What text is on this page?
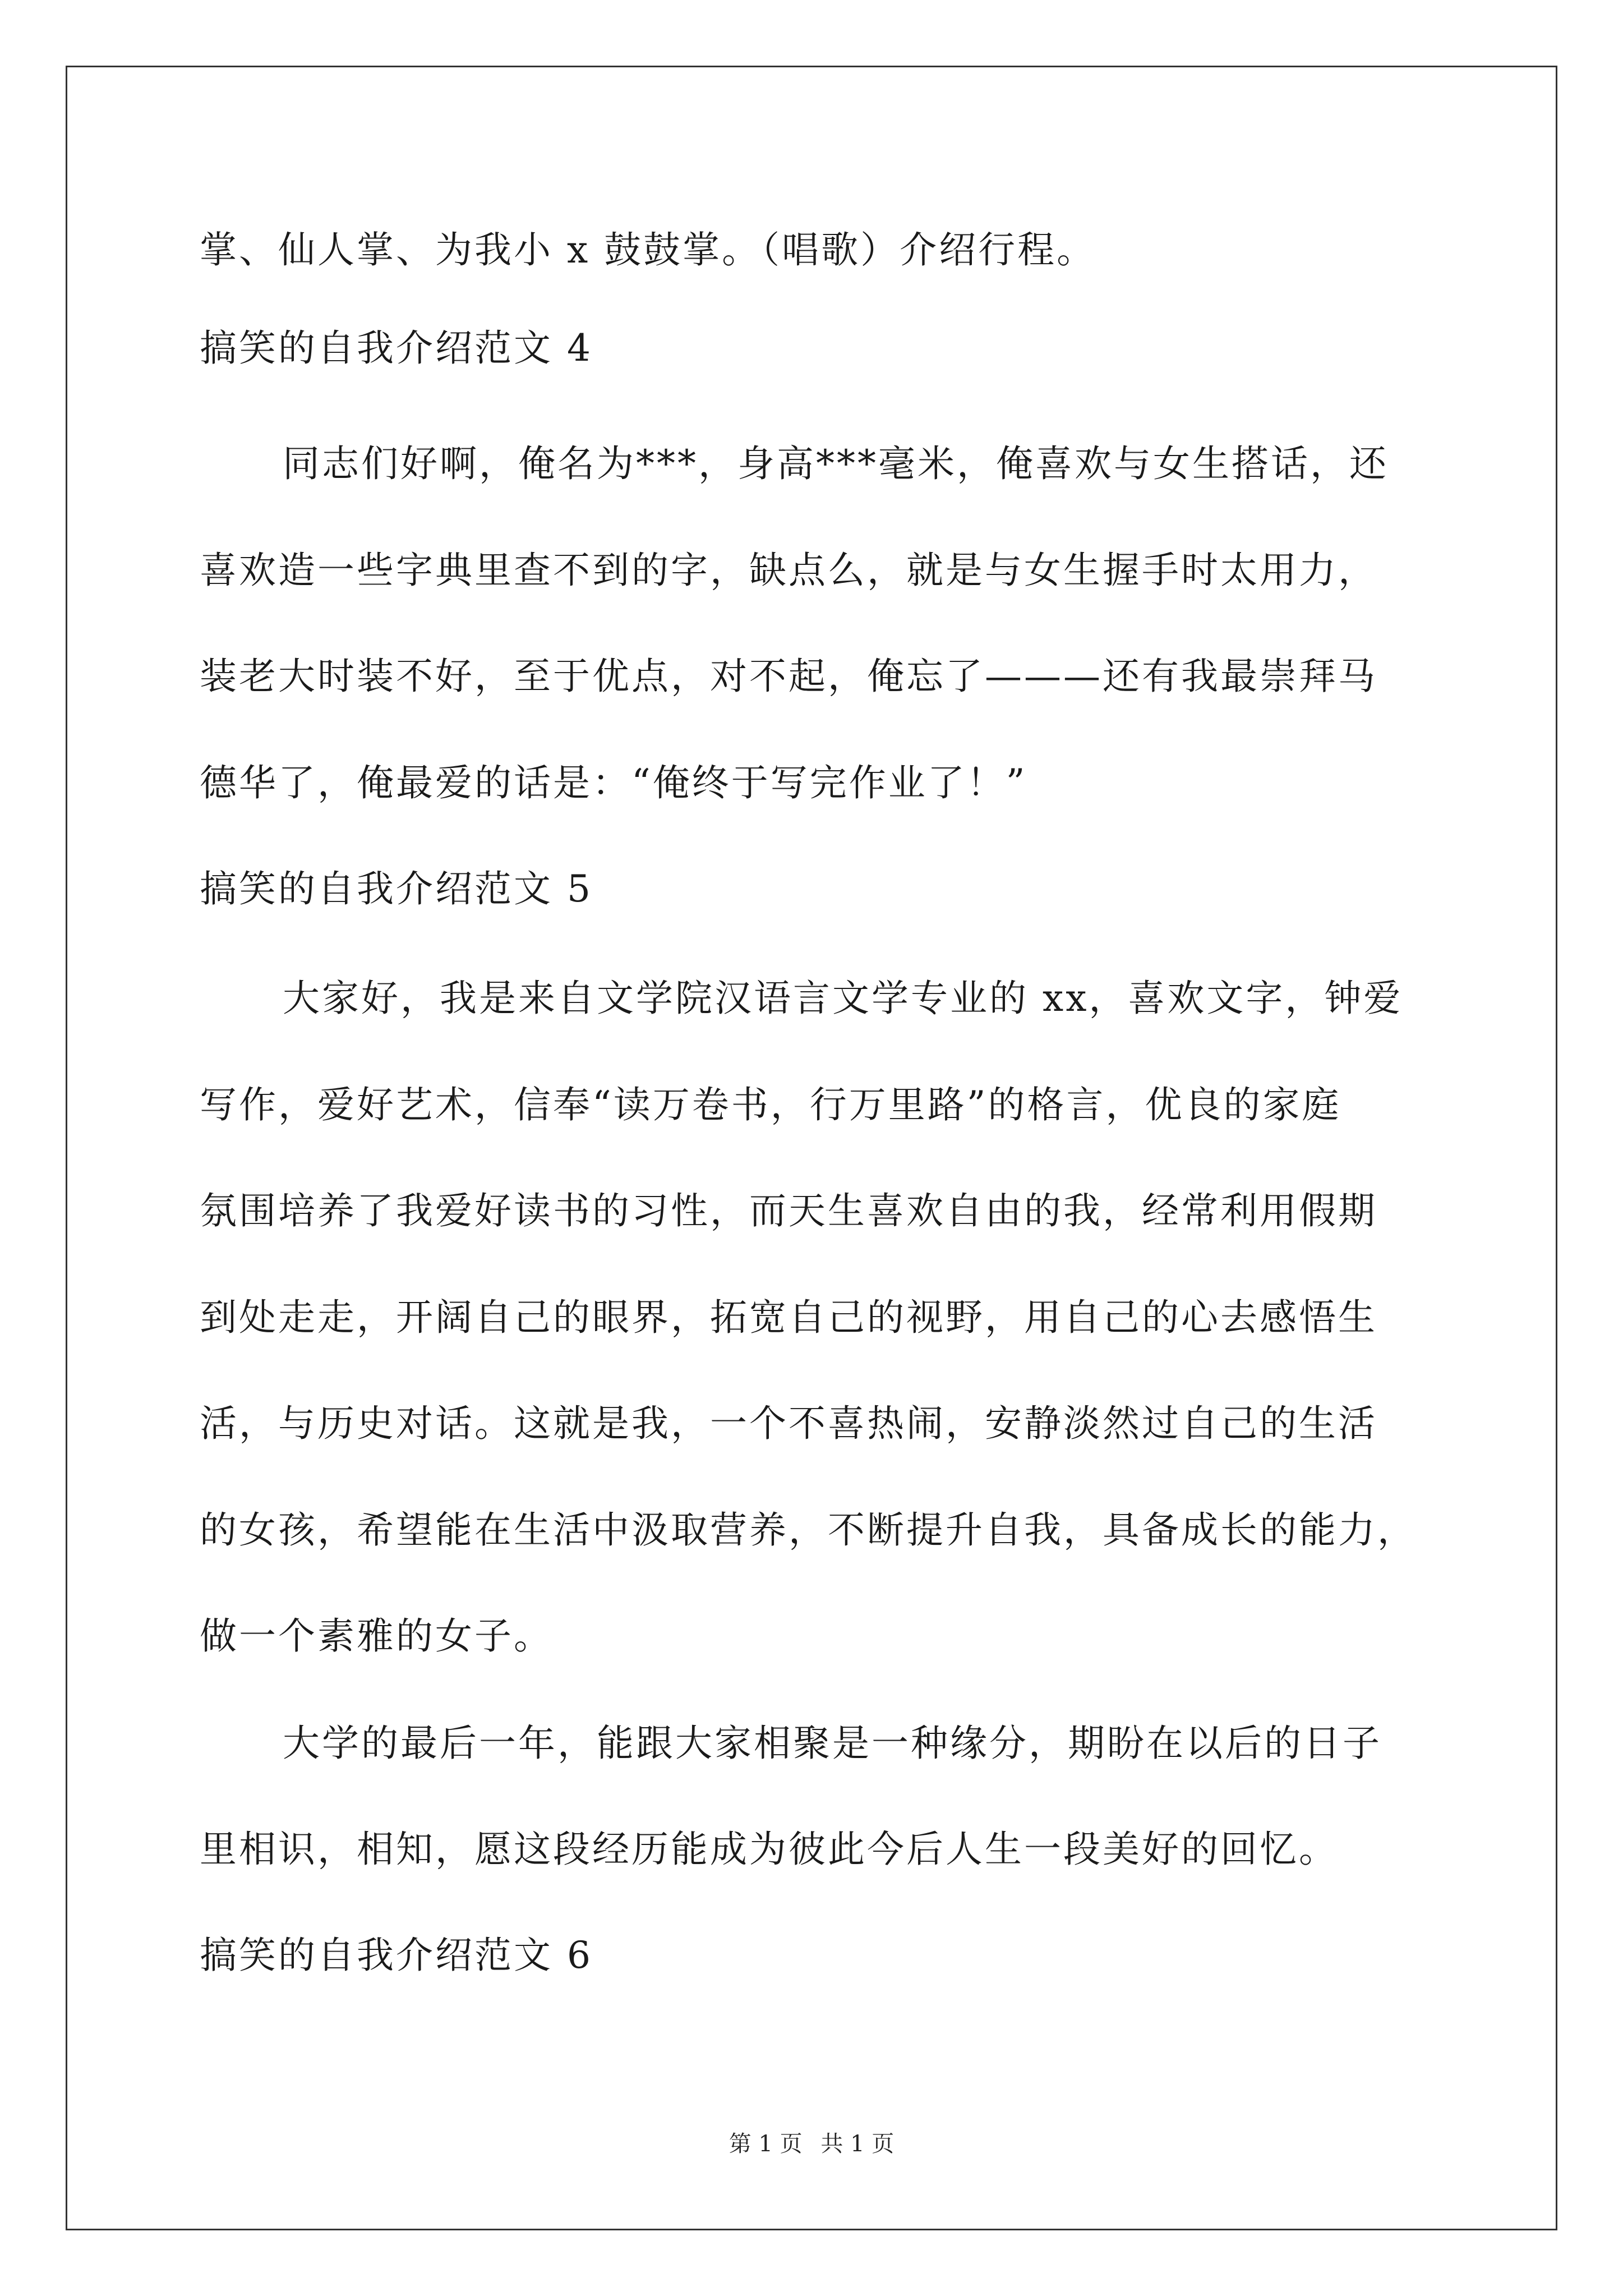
掌、仙人掌、为我小 x 鼓鼓掌。（唱歌）介绍行程。
搞笑的自我介绍范文 4
同志们好啊，俺名为***，身高***毫米，俺喜欢与女生搭话，还
喜欢造一些字典里查不到的字，缺点么，就是与女生握手时太用力，
装老大时装不好，至于优点，对不起，俺忘了———还有我最崇拜马
德华了，俺最爱的话是：“俺终于写完作业了！”
搞笑的自我介绍范文 5
大家好，我是来自文学院汉语言文学专业的 xx，喜欢文字，钟爱
写作，爱好艺术，信奉“读万卷书，行万里路”的格言，优良的家庭
氛围培养了我爱好读书的习性，而天生喜欢自由的我，经常利用假期
到处走走，开阔自己的眼界，拓宽自己的视野，用自己的心去感悟生
活，与历史对话。这就是我，一个不喜热闹，安静淡然过自己的生活
的女孩，希望能在生活中汲取营养，不断提升自我，具备成长的能力，
做一个素雅的女子。
大学的最后一年，能跟大家相聚是一种缘分，期盼在以后的日子
里相识，相知，愿这段经历能成为彼此今后人生一段美好的回忆。
搞笑的自我介绍范文 6
第 1 页 共 1 页
